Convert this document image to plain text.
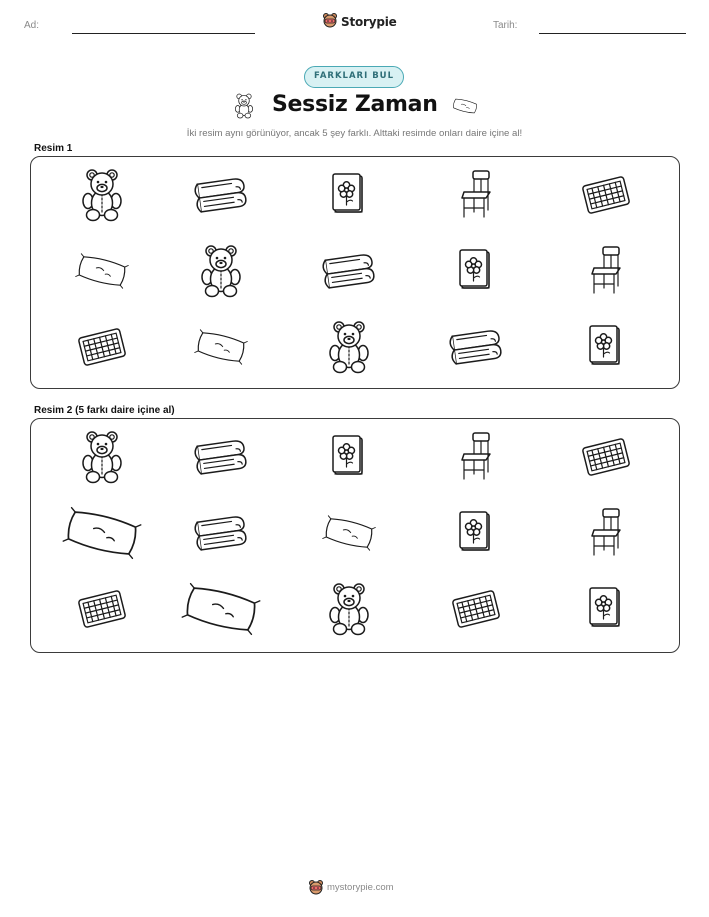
Ad:	Storypie	Tarih:
FARKLARI BUL
Sessiz Zaman
İki resim aynı görünüyor, ancak 5 şey farklı. Alttaki resimde onları daire içine al!
Resim 1
Resim 2 (5 farkı daire içine al)
mystorypie.com
